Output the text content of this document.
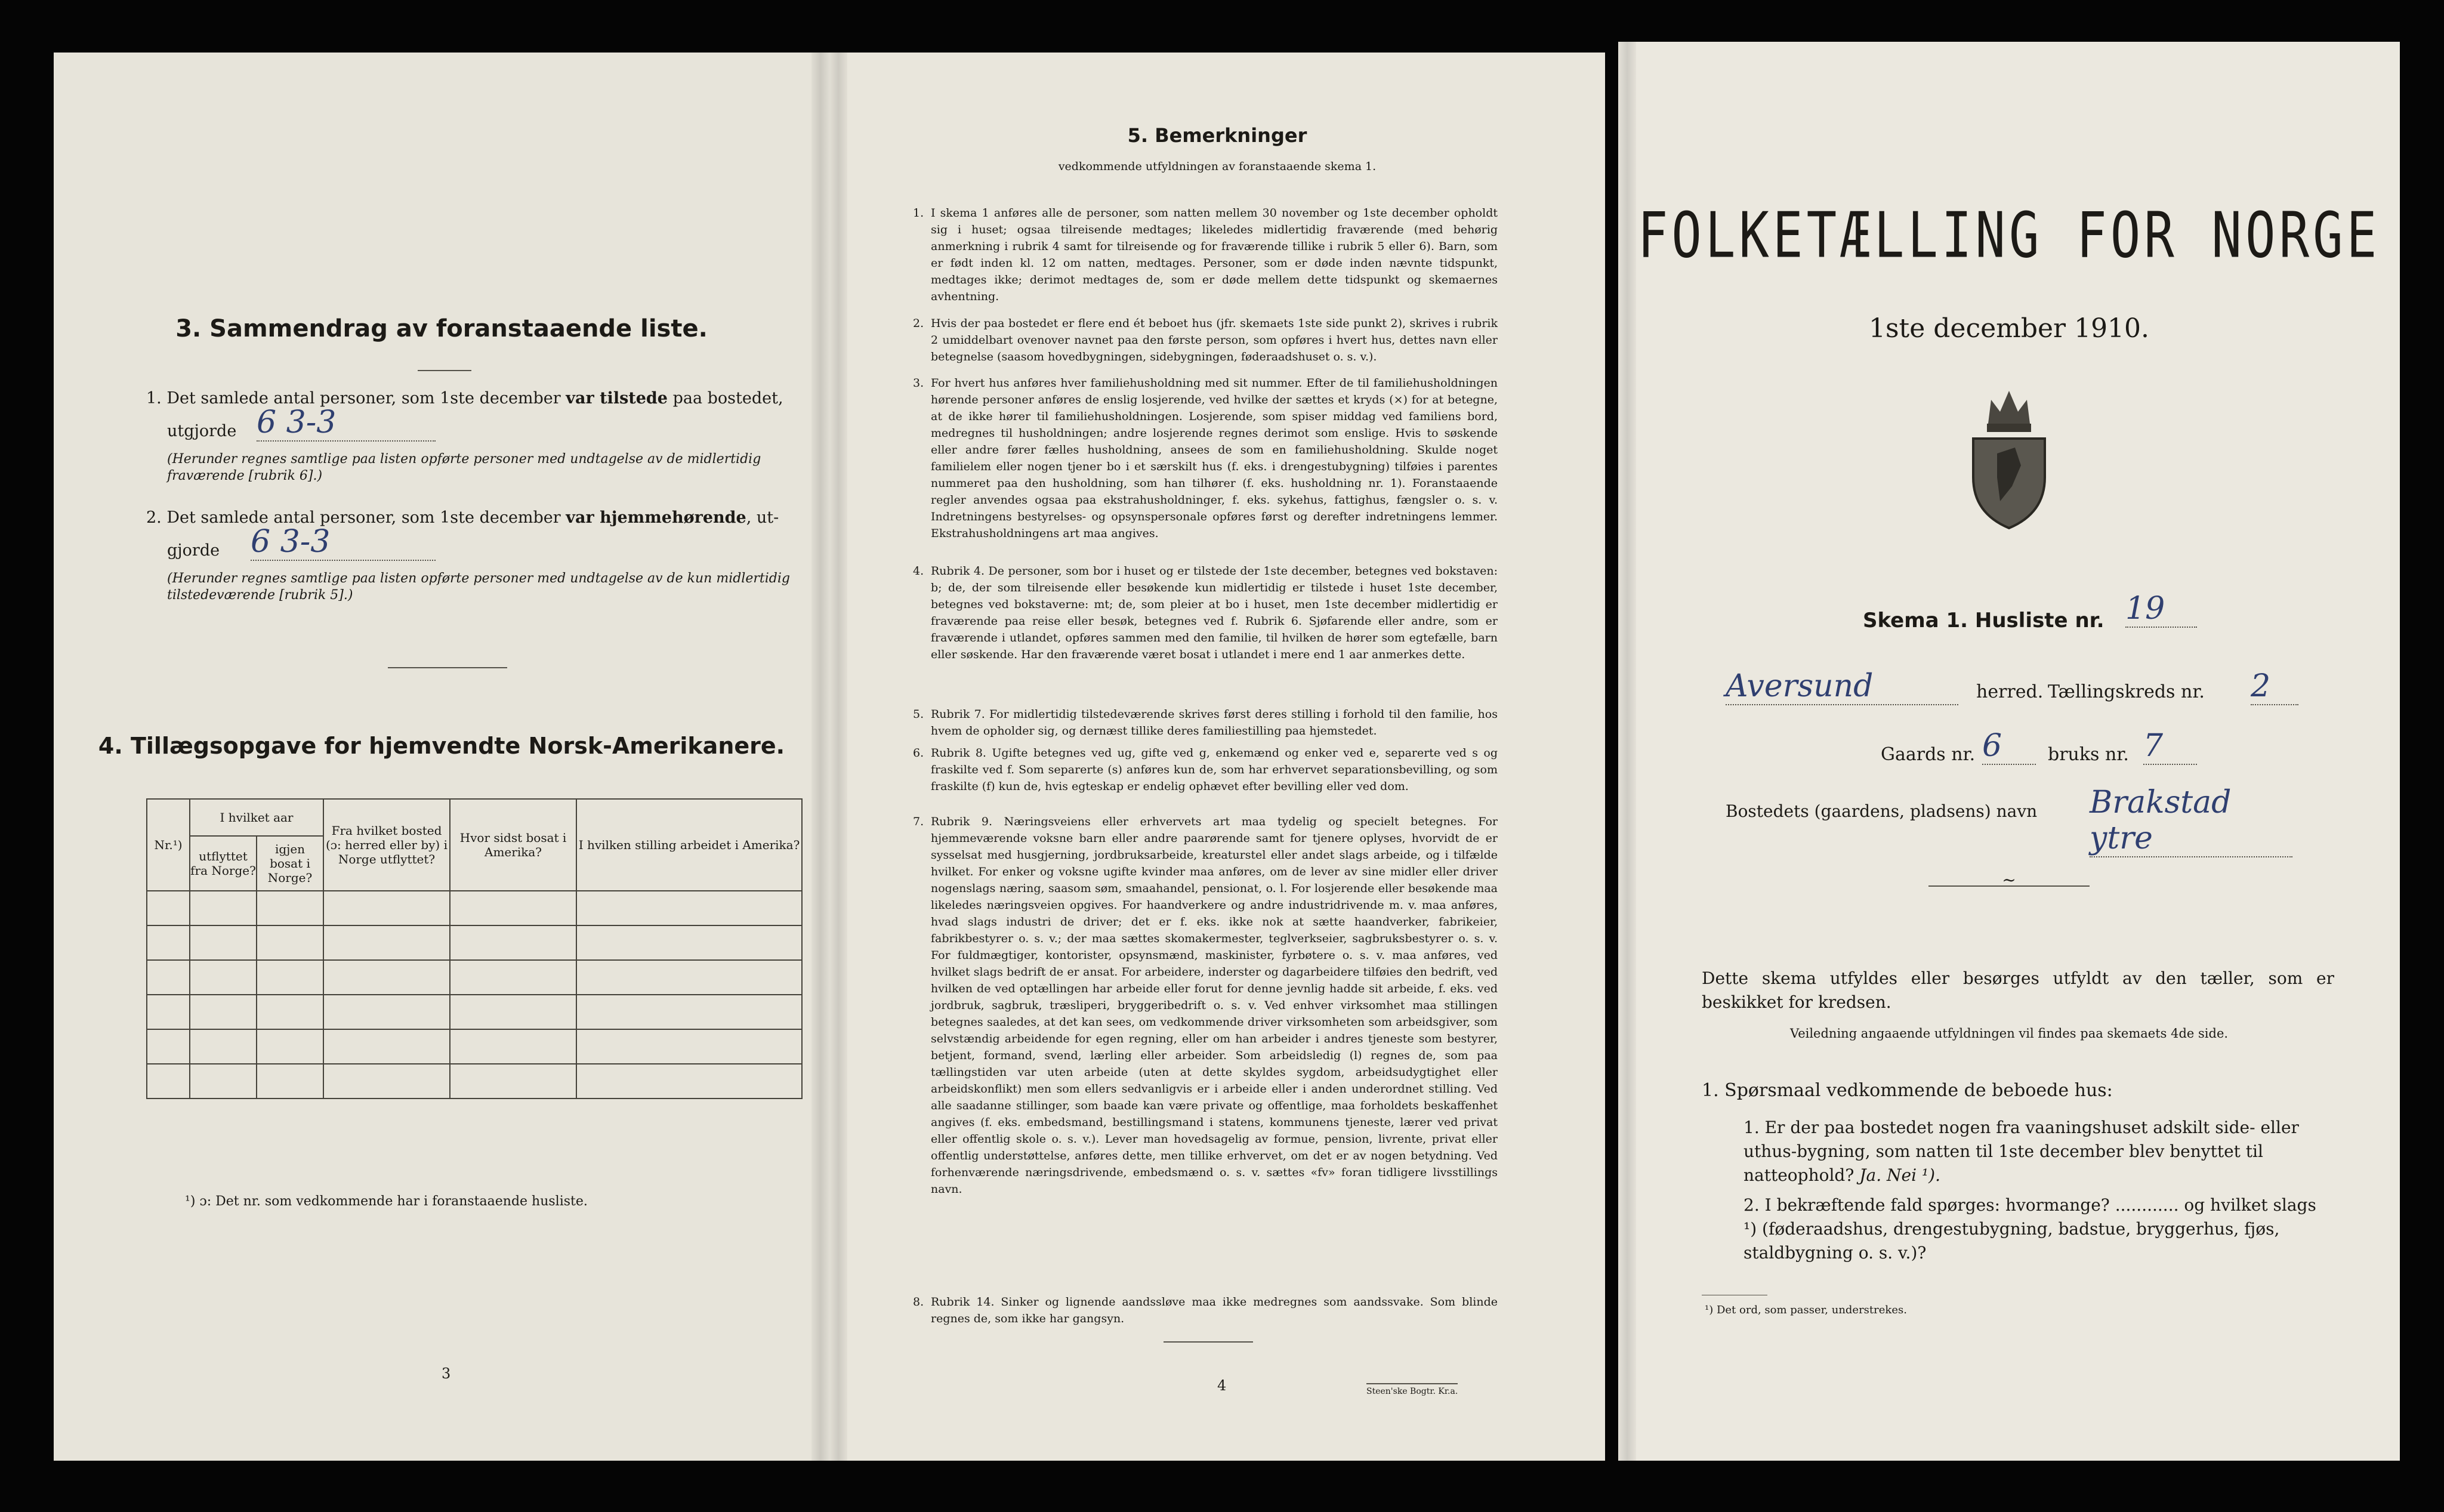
3. Sammendrag av foranstaaende liste.
1. Det samlede antal personer, som 1ste december var tilstede paa bostedet,
utgjorde 6 3-3
(Herunder regnes samtlige paa listen opførte personer med undtagelse av de midlertidig fraværende [rubrik 6].)
2. Det samlede antal personer, som 1ste december var hjemmehørende, ut-
gjorde 6 3-3
(Herunder regnes samtlige paa listen opførte personer med undtagelse av de kun midlertidig tilstedeværende [rubrik 5].)
4. Tillægsopgave for hjemvendte Norsk-Amerikanere.
Nr.¹)	I hvilket aar		Fra hvilket bosted (ɔ: herred eller by) i Norge utflyttet?	Hvor sidst bosat i Amerika?	I hvilken stilling arbeidet i Amerika?
	utflyttet fra Norge?	igjen bosat i Norge?			

¹) ɔ: Det nr. som vedkommende har i foranstaaende husliste.
3
5. Bemerkninger
vedkommende utfyldningen av foranstaaende skema 1.
1. I skema 1 anføres alle de personer, som natten mellem 30 november og 1ste december opholdt sig i huset; ogsaa tilreisende medtages; likeledes midlertidig fraværende (med behørig anmerkning i rubrik 4 samt for tilreisende og for fraværende tillike i rubrik 5 eller 6). Barn, som er født inden kl. 12 om natten, medtages. Personer, som er døde inden nævnte tidspunkt, medtages ikke; derimot medtages de, som er døde mellem dette tidspunkt og skemaernes avhentning.
2. Hvis der paa bostedet er flere end ét beboet hus (jfr. skemaets 1ste side punkt 2), skrives i rubrik 2 umiddelbart ovenover navnet paa den første person, som opføres i hvert hus, dettes navn eller betegnelse (saasom hovedbygningen, sidebygningen, føderaadshuset o. s. v.).
3. For hvert hus anføres hver familiehusholdning med sit nummer. Efter de til familiehusholdningen hørende personer anføres de enslig losjerende, ved hvilke der sættes et kryds (×) for at betegne, at de ikke hører til familiehusholdningen. Losjerende, som spiser middag ved familiens bord, medregnes til husholdningen; andre losjerende regnes derimot som enslige. Hvis to søskende eller andre fører fælles husholdning, ansees de som en familiehusholdning. Skulde noget familielem eller nogen tjener bo i et særskilt hus (f. eks. i drengestubygning) tilføies i parentes nummeret paa den husholdning, som han tilhører (f. eks. husholdning nr. 1). Foranstaaende regler anvendes ogsaa paa ekstrahusholdninger, f. eks. sykehus, fattighus, fængsler o. s. v. Indretningens bestyrelses- og opsynspersonale opføres først og derefter indretningens lemmer. Ekstrahusholdningens art maa angives.
4. Rubrik 4. De personer, som bor i huset og er tilstede der 1ste december, betegnes ved bokstaven: b; de, der som tilreisende eller besøkende kun midlertidig er tilstede i huset 1ste december, betegnes ved bokstaverne: mt; de, som pleier at bo i huset, men 1ste december midlertidig er fraværende paa reise eller besøk, betegnes ved f. Rubrik 6. Sjøfarende eller andre, som er fraværende i utlandet, opføres sammen med den familie, til hvilken de hører som egtefælle, barn eller søskende. Har den fraværende været bosat i utlandet i mere end 1 aar anmerkes dette.
5. Rubrik 7. For midlertidig tilstedeværende skrives først deres stilling i forhold til den familie, hos hvem de opholder sig, og dernæst tillike deres familiestilling paa hjemstedet.
6. Rubrik 8. Ugifte betegnes ved ug, gifte ved g, enkemænd og enker ved e, separerte ved s og fraskilte ved f. Som separerte (s) anføres kun de, som har erhvervet separationsbevilling, og som fraskilte (f) kun de, hvis egteskap er endelig ophævet efter bevilling eller ved dom.
7. Rubrik 9. Næringsveiens eller erhvervets art maa tydelig og specielt betegnes. For hjemmeværende voksne barn eller andre paarørende samt for tjenere oplyses, hvorvidt de er sysselsat med husgjerning, jordbruksarbeide, kreaturstel eller andet slags arbeide, og i tilfælde hvilket. For enker og voksne ugifte kvinder maa anføres, om de lever av sine midler eller driver nogenslags næring, saasom søm, smaahandel, pensionat, o. l. For losjerende eller besøkende maa likeledes næringsveien opgives. For haandverkere og andre industridrivende m. v. maa anføres, hvad slags industri de driver; det er f. eks. ikke nok at sætte haandverker, fabrikeier, fabrikbestyrer o. s. v.; der maa sættes skomakermester, teglverkseier, sagbruksbestyrer o. s. v. For fuldmægtiger, kontorister, opsynsmænd, maskinister, fyrbøtere o. s. v. maa anføres, ved hvilket slags bedrift de er ansat. For arbeidere, inderster og dagarbeidere tilføies den bedrift, ved hvilken de ved optællingen har arbeide eller forut for denne jevnlig hadde sit arbeide, f. eks. ved jordbruk, sagbruk, træsliperi, bryggeribedrift o. s. v. Ved enhver virksomhet maa stillingen betegnes saaledes, at det kan sees, om vedkommende driver virksomheten som arbeidsgiver, som selvstændig arbeidende for egen regning, eller om han arbeider i andres tjeneste som bestyrer, betjent, formand, svend, lærling eller arbeider. Som arbeidsledig (l) regnes de, som paa tællingstiden var uten arbeide (uten at dette skyldes sygdom, arbeidsudygtighet eller arbeidskonflikt) men som ellers sedvanligvis er i arbeide eller i anden underordnet stilling. Ved alle saadanne stillinger, som baade kan være private og offentlige, maa forholdets beskaffenhet angives (f. eks. embedsmand, bestillingsmand i statens, kommunens tjeneste, lærer ved privat eller offentlig skole o. s. v.). Lever man hovedsagelig av formue, pension, livrente, privat eller offentlig understøttelse, anføres dette, men tillike erhvervet, om det er av nogen betydning. Ved forhenværende næringsdrivende, embedsmænd o. s. v. sættes «fv» foran tidligere livsstillings navn.
8. Rubrik 14. Sinker og lignende aandssløve maa ikke medregnes som aandssvake. Som blinde regnes de, som ikke har gangsyn.
4	Steen'ske Bogtr. Kr.a.
FOLKETÆLLING FOR NORGE
1ste december 1910.
Skema 1. Husliste nr. 19
Aversund	herred. Tællingskreds nr. 2
Gaards nr. 6	bruks nr. 7
Bostedets (gaardens, pladsens) navn Brakstad ytre
~
Dette skema utfyldes eller besørges utfyldt av den tæller, som er beskikket for kredsen.
Veiledning angaaende utfyldningen vil findes paa skemaets 4de side.
1. Spørsmaal vedkommende de beboede hus:
1. Er der paa bostedet nogen fra vaaningshuset adskilt side- eller uthus-bygning, som natten til 1ste december blev benyttet til natteophold? Ja. Nei ¹).
2. I bekræftende fald spørges: hvormange? ............ og hvilket slags ¹) (føderaadshus, drengestubygning, badstue, bryggerhus, fjøs, staldbygning o. s. v.)?
¹) Det ord, som passer, understrekes.
